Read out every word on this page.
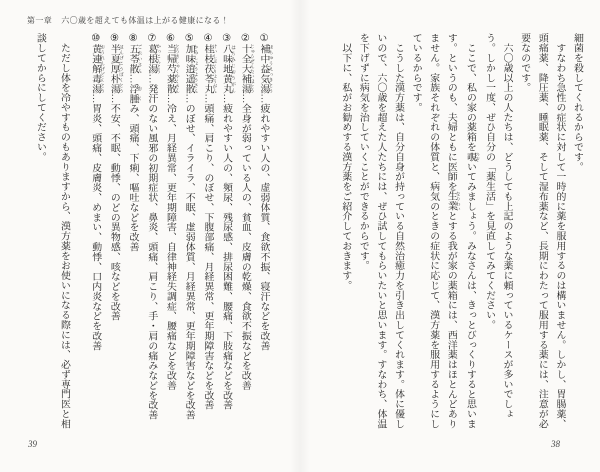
第一章 六〇歳を超えても体温は上がる健康になる！
細菌を殺してくれるからです。
　すなわち急性の症状に対して一時的に薬を服用するのは構いません。しかし、胃腸薬、
頭痛薬、降圧薬、睡眠薬、そして湿布薬など、長期にわたって服用する薬には、注意が必
要なのです。
　六〇歳以上の人たちは、どうしても上記のような薬に頼っているケースが多いでしょ
う。しかし一度、ぜひ自分の「薬生活」を見直してみてください。
　ここで、私の家の薬箱を覗 のぞいてみましょう。みなさんは、きっとびっくりすると思いま
す。というのも、夫婦ともに医師を生業 なりわいとする我が家の薬箱には、西洋薬はほとんどあり
ません。家族それぞれの体質と、病気のときの症状に応じて、漢方薬を服用するようにし
ているからです。
　こうした漢方薬は、自分自身が持っている自然治癒力を引き出してくれます。体に優し
いので、六〇歳を超えた人たちには、ぜひ試してもらいたいと思います。すなわち、体温
を下げずに病気を治していくことができるからです。
　以下に、私がお勧めする漢方薬をご紹介しておきます。
①補中益気湯 ほちゅうえっきとう…疲れやすい人の、虚弱体質、食欲不振、寝汗などを改善
②十全大補湯 じゅうぜんたいほとう…全身が弱っている人の、貧血、皮膚の乾燥、食欲不振などを改善
③八味地黄丸 はちみじおうがん…疲れやすい人の、頻尿、残尿感、排尿困難、腰痛、下肢痛などを改善
④桂枝茯苓丸 けいしぶくりょうがん…頭痛、肩こり、のぼせ、下腹部痛、月経異常、更年期障害などを改善
⑤加味逍遥散 かみしょうようさん…のぼせ、イライラ、不眠、虚弱体質、月経異常、更年期障害などを改善
⑥当帰芍薬散 とうきしゃくやくさん…冷え、月経異常、更年期障害、自律神経失調症、腰痛などを改善
⑦葛根湯 かっこんとう…発汗のない風邪の初期症状、鼻炎、頭痛、肩こり、手・肩の痛みなどを改善
⑧五苓散 ごれいさん…浮腫 むくみ、頭痛、下痢、嘔吐などを改善
⑨半夏厚朴湯 はんげこうぼくとう…不安、不眠、動悸、のどの異物感、咳などを改善
⑩黄連解毒湯 おうれんげどくとう…胃炎、頭痛、皮膚炎、めまい、動悸、口内炎などを改善
　ただし体を冷やすものもありますから、漢方薬をお使いになる際には、必ず専門医と相
談してからにしてください。
39	38
